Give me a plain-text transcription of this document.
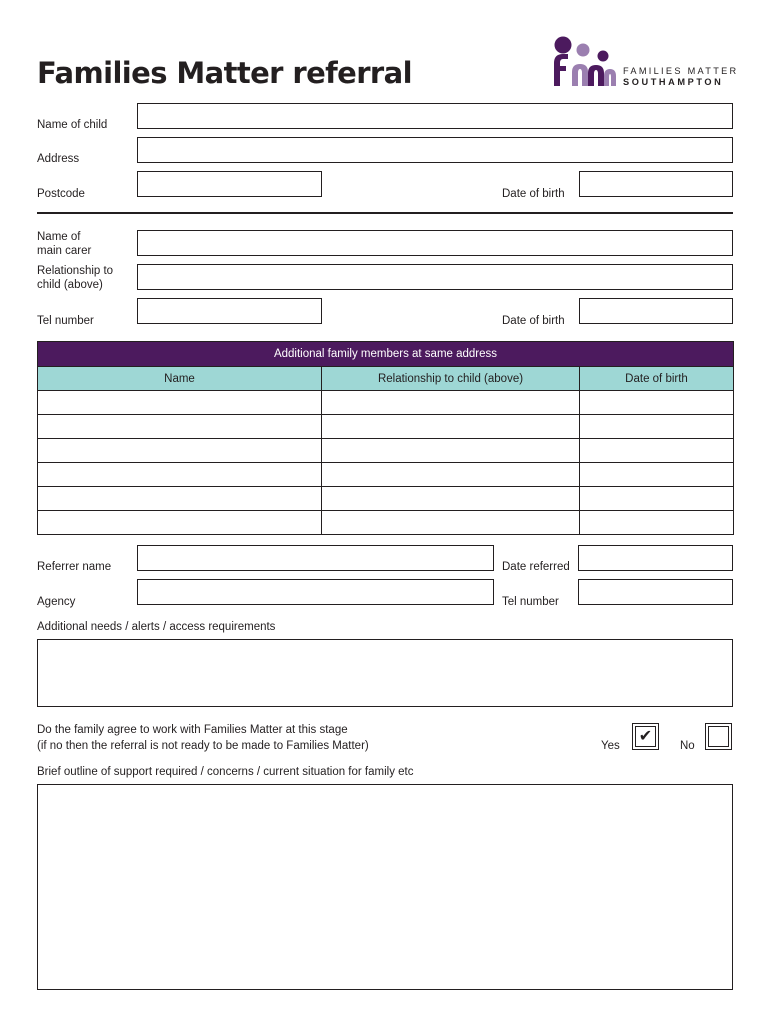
Families Matter referral	FAMILIES MATTER
SOUTHAMPTON
Name of child
Address
Postcode	Date of birth
Name of
main carer
Relationship to
child (above)
Tel number	Date of birth
Additional family members at same address		
Name	Relationship to child (above)	Date of birth

Referrer name	Date referred
Agency	Tel number
Additional needs / alerts / access requirements
Do the family agree to work with Families Matter at this stage
(if no then the referral is not ready to be made to Families Matter)	Yes
✔
No
Brief outline of support required / concerns / current situation for family etc
